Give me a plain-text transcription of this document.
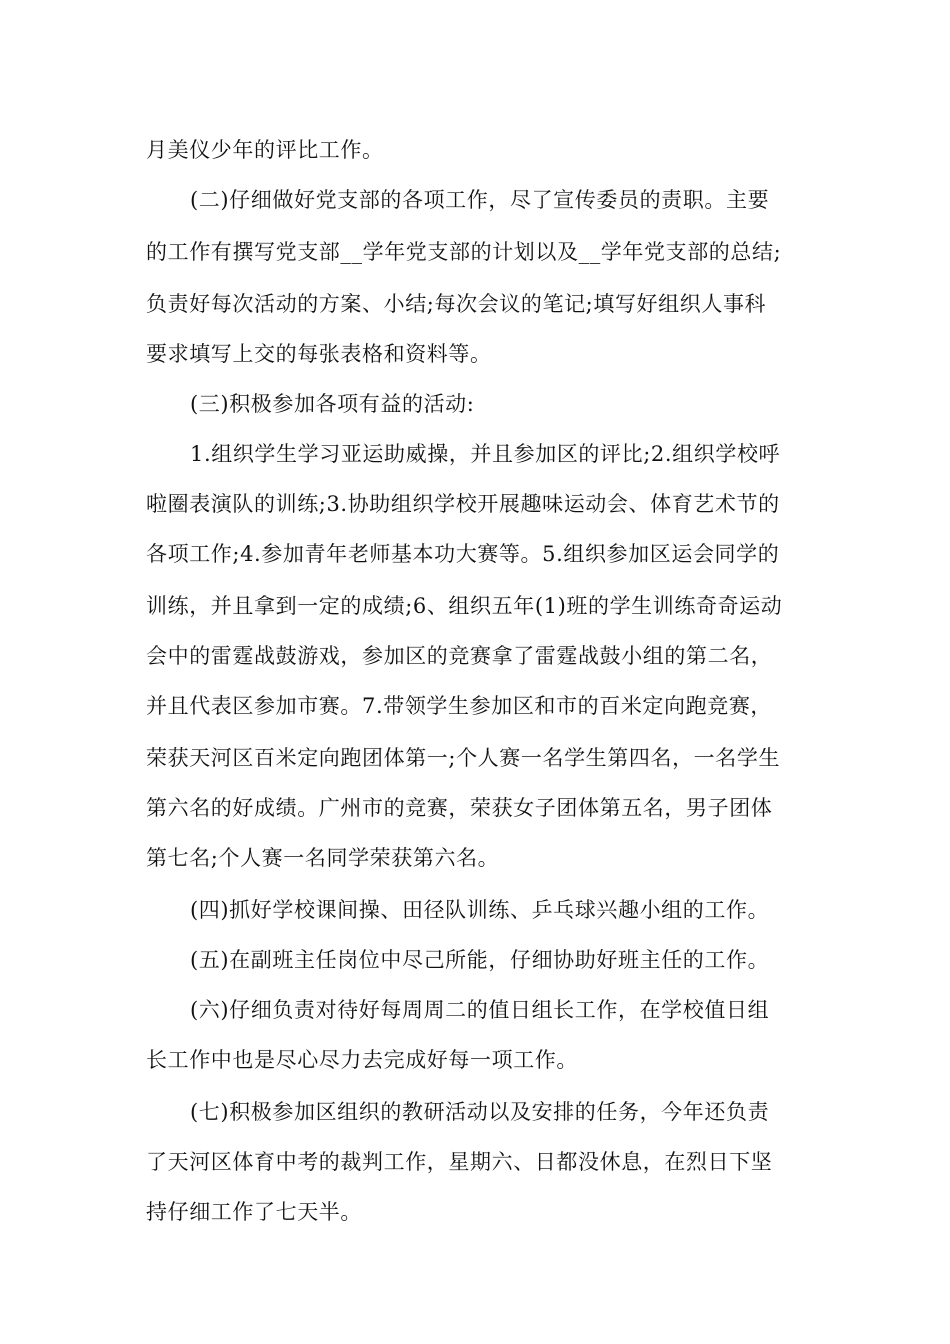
月美仪少年的评比工作。
(二)仔细做好党支部的各项工作，尽了宣传委员的责职。主要
的工作有撰写党支部__学年党支部的计划以及__学年党支部的总结;
负责好每次活动的方案、小结;每次会议的笔记;填写好组织人事科
要求填写上交的每张表格和资料等。
(三)积极参加各项有益的活动:
1.组织学生学习亚运助威操，并且参加区的评比;2.组织学校呼
啦圈表演队的训练;3.协助组织学校开展趣味运动会、体育艺术节的
各项工作;4.参加青年老师基本功大赛等。5.组织参加区运会同学的
训练，并且拿到一定的成绩;6、组织五年(1)班的学生训练奇奇运动
会中的雷霆战鼓游戏，参加区的竞赛拿了雷霆战鼓小组的第二名，
并且代表区参加市赛。7.带领学生参加区和市的百米定向跑竞赛，
荣获天河区百米定向跑团体第一;个人赛一名学生第四名，一名学生
第六名的好成绩。广州市的竞赛，荣获女子团体第五名，男子团体
第七名;个人赛一名同学荣获第六名。
(四)抓好学校课间操、田径队训练、乒乓球兴趣小组的工作。
(五)在副班主任岗位中尽己所能，仔细协助好班主任的工作。
(六)仔细负责对待好每周周二的值日组长工作，在学校值日组
长工作中也是尽心尽力去完成好每一项工作。
(七)积极参加区组织的教研活动以及安排的任务，今年还负责
了天河区体育中考的裁判工作，星期六、日都没休息，在烈日下坚
持仔细工作了七天半。
